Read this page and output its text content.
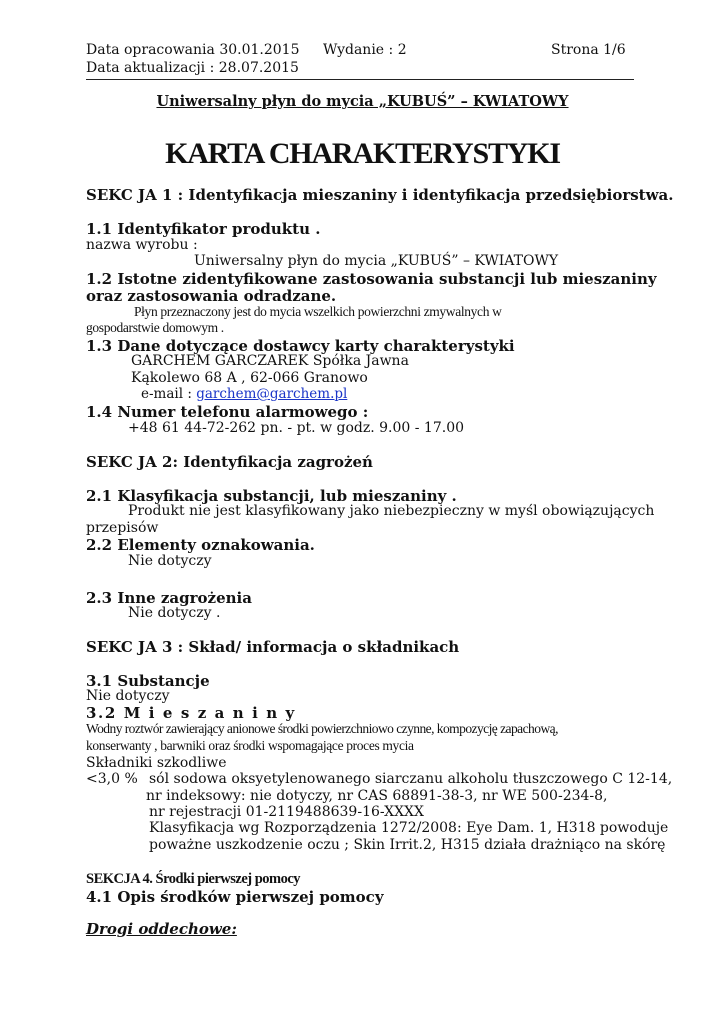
Data opracowania 30.01.2015 Wydanie : 2	Strona 1/6
Data aktualizacji : 28.07.2015
Uniwersalny płyn do mycia „KUBUŚ” – KWIATOWY
KARTA CHARAKTERYSTYKI
SEKC JA 1 : Identyfikacja mieszaniny i identyfikacja przedsiębiorstwa.
1.1 Identyfikator produktu .
nazwa wyrobu :
Uniwersalny płyn do mycia „KUBUŚ” – KWIATOWY
1.2 Istotne zidentyfikowane zastosowania substancji lub mieszaniny
oraz zastosowania odradzane.
Płyn przeznaczony jest do mycia wszelkich powierzchni zmywalnych w
gospodarstwie domowym .
1.3 Dane dotyczące dostawcy karty charakterystyki
GARCHEM GARCZAREK Spółka Jawna
Kąkolewo 68 A , 62-066 Granowo
e-mail : garchem@garchem.pl
1.4 Numer telefonu alarmowego :
+48 61 44-72-262 pn. - pt. w godz. 9.00 - 17.00
SEKC JA 2: Identyfikacja zagrożeń
2.1 Klasyfikacja substancji, lub mieszaniny .
Produkt nie jest klasyfikowany jako niebezpieczny w myśl obowiązujących
przepisów
2.2 Elementy oznakowania.
Nie dotyczy
2.3 Inne zagrożenia
Nie dotyczy .
SEKC JA 3 : Skład/ informacja o składnikach
3.1 Substancje
Nie dotyczy
3.2 M i e s z a n i n y
Wodny roztwór zawierający anionowe środki powierzchniowo czynne, kompozycję zapachową,
konserwanty , barwniki oraz środki wspomagające proces mycia
Składniki szkodliwe
<3,0 % sól sodowa oksyetylenowanego siarczanu alkoholu tłuszczowego C 12-14,
nr indeksowy: nie dotyczy, nr CAS 68891-38-3, nr WE 500-234-8,
nr rejestracji 01-2119488639-16-XXXX
Klasyfikacja wg Rozporządzenia 1272/2008: Eye Dam. 1, H318 powoduje
poważne uszkodzenie oczu ; Skin Irrit.2, H315 działa drażniąco na skórę
SEKCJA 4. Środki pierwszej pomocy
4.1 Opis środków pierwszej pomocy
Drogi oddechowe:
